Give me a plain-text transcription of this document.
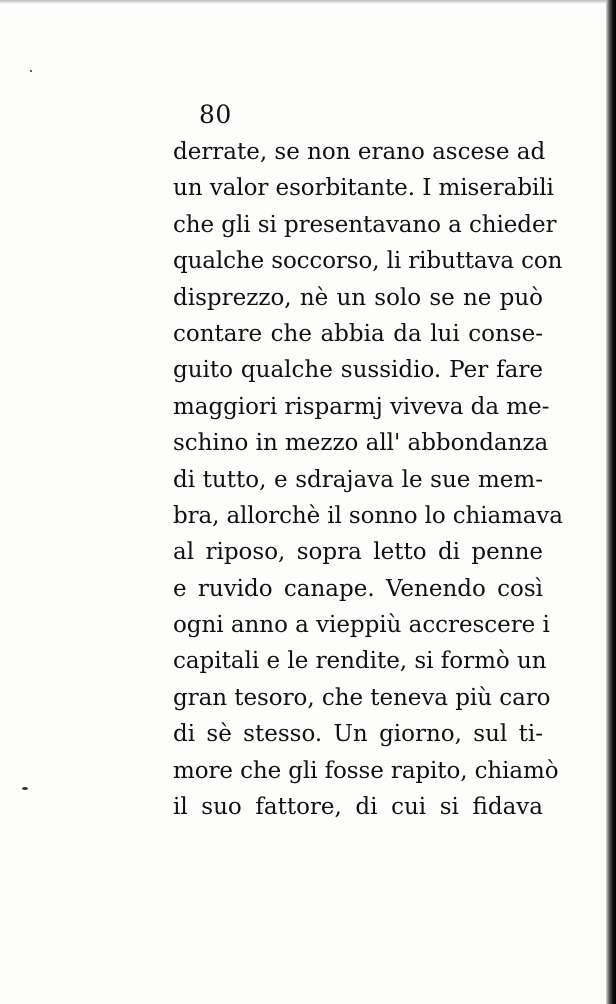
80
derrate, se non erano ascese ad
un valor esorbitante. I miserabili
che gli si presentavano a chieder
qualche soccorso, li ributtava con
disprezzo, nè un solo se ne può
contare che abbia da lui conse-
guito qualche sussidio. Per fare
maggiori risparmj viveva da me-
schino in mezzo all' abbondanza
di tutto, e sdrajava le sue mem-
bra, allorchè il sonno lo chiamava
al riposo, sopra letto di penne
e ruvido canape. Venendo così
ogni anno a vieppiù accrescere i
capitali e le rendite, si formò un
gran tesoro, che teneva più caro
di sè stesso. Un giorno, sul ti-
more che gli fosse rapito, chiamò
il suo fattore, di cui si fidava
